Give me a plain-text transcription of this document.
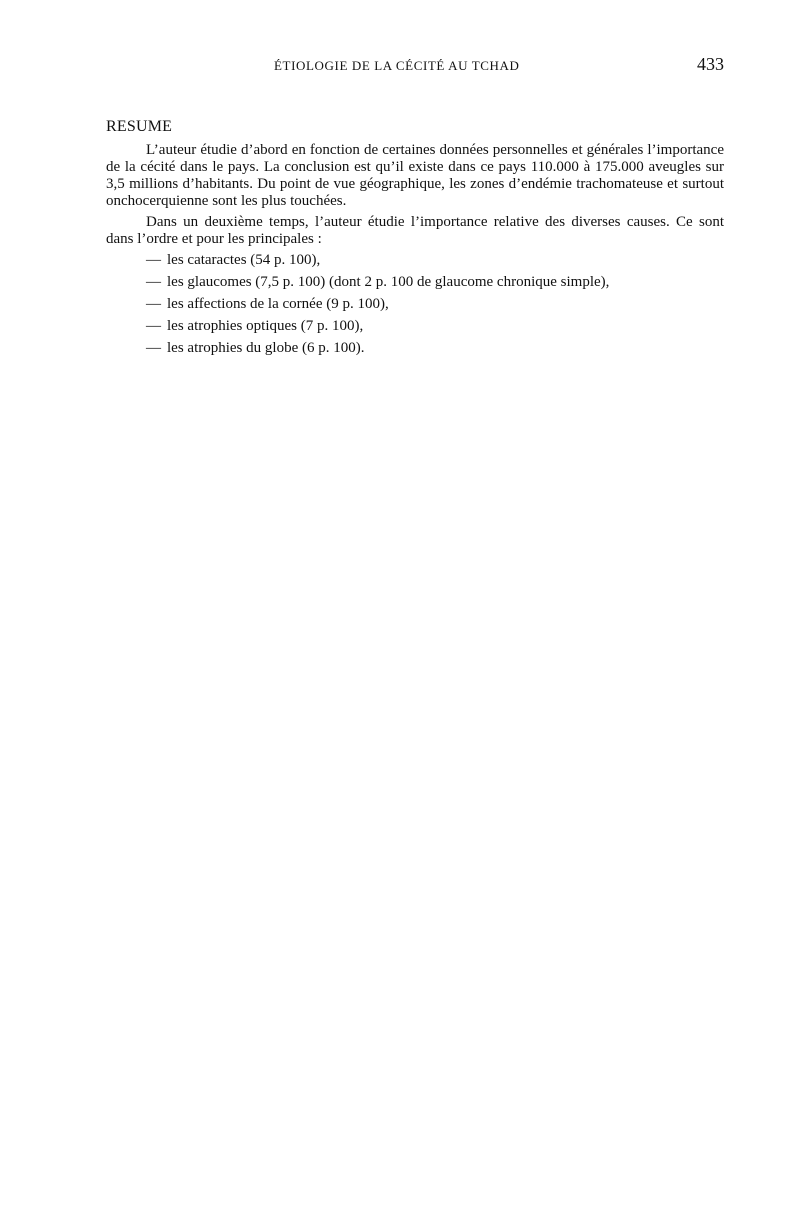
ÉTIOLOGIE DE LA CÉCITÉ AU TCHAD	433
RESUME

L’auteur étudie d’abord en fonction de certaines données personnelles et générales l’importance de la cécité dans le pays. La conclusion est qu’il existe dans ce pays 110.000 à 175.000 aveugles sur 3,5 millions d’habitants. Du point de vue géographique, les zones d’endémie trachomateuse et surtout onchocerquienne sont les plus touchées.

Dans un deuxième temps, l’auteur étudie l’importance relative des diverses causes. Ce sont dans l’ordre et pour les principales :

— les cataractes (54 p. 100),
— les glaucomes (7,5 p. 100) (dont 2 p. 100 de glaucome chronique simple),
— les affections de la cornée (9 p. 100),
— les atrophies optiques (7 p. 100),
— les atrophies du globe (6 p. 100).
